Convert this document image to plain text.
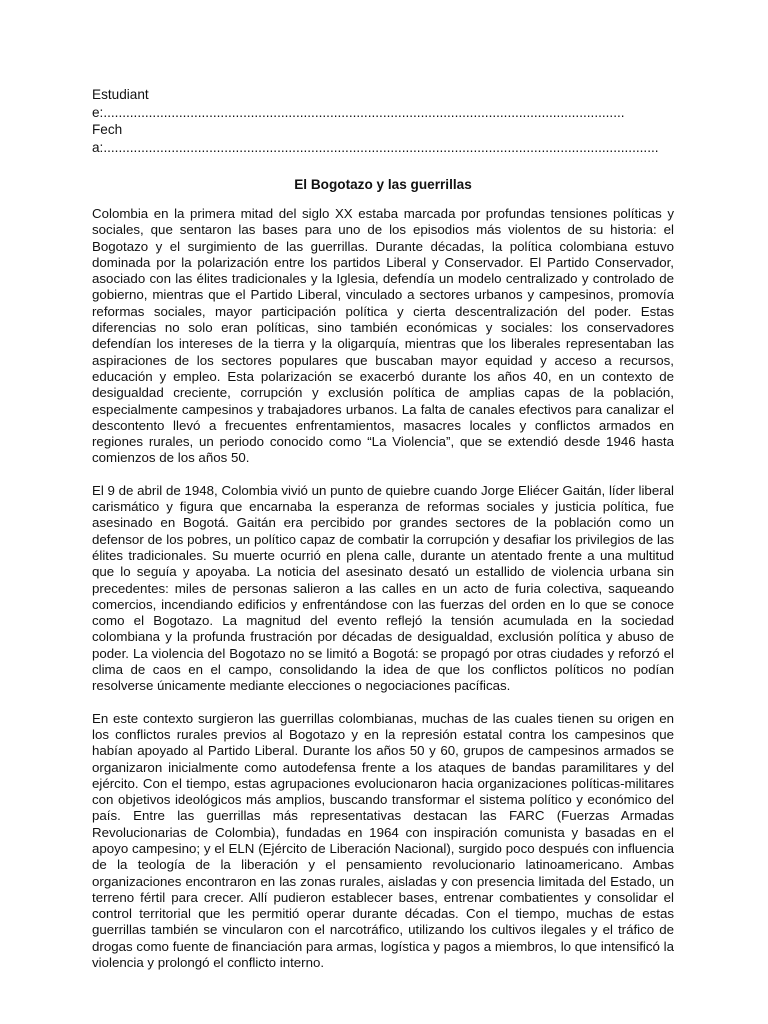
Estudiante:..........................................................................................................................................

Fecha:...................................................................................................................................................

El Bogotazo y las guerrillas

Colombia en la primera mitad del siglo XX estaba marcada por profundas tensiones políticas y sociales, que sentaron las bases para uno de los episodios más violentos de su historia: el Bogotazo y el surgimiento de las guerrillas. Durante décadas, la política colombiana estuvo dominada por la polarización entre los partidos Liberal y Conservador. El Partido Conservador, asociado con las élites tradicionales y la Iglesia, defendía un modelo centralizado y controlado de gobierno, mientras que el Partido Liberal, vinculado a sectores urbanos y campesinos, promovía reformas sociales, mayor participación política y cierta descentralización del poder. Estas diferencias no solo eran políticas, sino también económicas y sociales: los conservadores defendían los intereses de la tierra y la oligarquía, mientras que los liberales representaban las aspiraciones de los sectores populares que buscaban mayor equidad y acceso a recursos, educación y empleo. Esta polarización se exacerbó durante los años 40, en un contexto de desigualdad creciente, corrupción y exclusión política de amplias capas de la población, especialmente campesinos y trabajadores urbanos. La falta de canales efectivos para canalizar el descontento llevó a frecuentes enfrentamientos, masacres locales y conflictos armados en regiones rurales, un periodo conocido como “La Violencia”, que se extendió desde 1946 hasta comienzos de los años 50.

El 9 de abril de 1948, Colombia vivió un punto de quiebre cuando Jorge Eliécer Gaitán, líder liberal carismático y figura que encarnaba la esperanza de reformas sociales y justicia política, fue asesinado en Bogotá. Gaitán era percibido por grandes sectores de la población como un defensor de los pobres, un político capaz de combatir la corrupción y desafiar los privilegios de las élites tradicionales. Su muerte ocurrió en plena calle, durante un atentado frente a una multitud que lo seguía y apoyaba. La noticia del asesinato desató un estallido de violencia urbana sin precedentes: miles de personas salieron a las calles en un acto de furia colectiva, saqueando comercios, incendiando edificios y enfrentándose con las fuerzas del orden en lo que se conoce como el Bogotazo. La magnitud del evento reflejó la tensión acumulada en la sociedad colombiana y la profunda frustración por décadas de desigualdad, exclusión política y abuso de poder. La violencia del Bogotazo no se limitó a Bogotá: se propagó por otras ciudades y reforzó el clima de caos en el campo, consolidando la idea de que los conflictos políticos no podían resolverse únicamente mediante elecciones o negociaciones pacíficas.

En este contexto surgieron las guerrillas colombianas, muchas de las cuales tienen su origen en los conflictos rurales previos al Bogotazo y en la represión estatal contra los campesinos que habían apoyado al Partido Liberal. Durante los años 50 y 60, grupos de campesinos armados se organizaron inicialmente como autodefensa frente a los ataques de bandas paramilitares y del ejército. Con el tiempo, estas agrupaciones evolucionaron hacia organizaciones políticas-militares con objetivos ideológicos más amplios, buscando transformar el sistema político y económico del país. Entre las guerrillas más representativas destacan las FARC (Fuerzas Armadas Revolucionarias de Colombia), fundadas en 1964 con inspiración comunista y basadas en el apoyo campesino; y el ELN (Ejército de Liberación Nacional), surgido poco después con influencia de la teología de la liberación y el pensamiento revolucionario latinoamericano. Ambas organizaciones encontraron en las zonas rurales, aisladas y con presencia limitada del Estado, un terreno fértil para crecer. Allí pudieron establecer bases, entrenar combatientes y consolidar el control territorial que les permitió operar durante décadas. Con el tiempo, muchas de estas guerrillas también se vincularon con el narcotráfico, utilizando los cultivos ilegales y el tráfico de drogas como fuente de financiación para armas, logística y pagos a miembros, lo que intensificó la violencia y prolongó el conflicto interno.
